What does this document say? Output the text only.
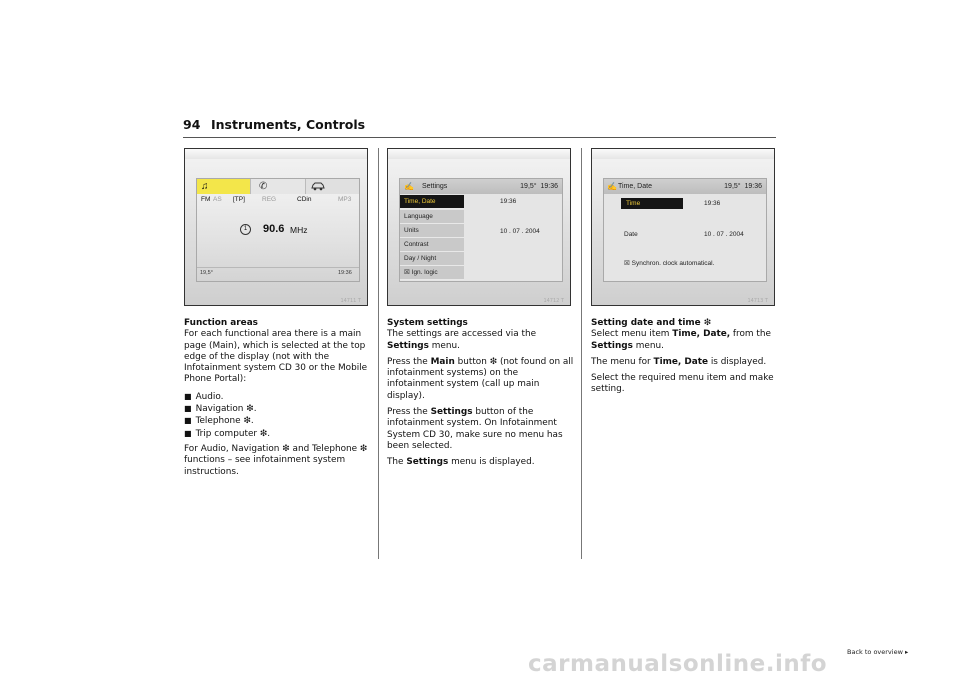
94 Instruments, Controls
♫	✆
FM AS [TP]	REG	CDin	MP3
1	90.6 MHz
19,5°	19:36
14711 T
✍ Settings	19,5°  19:36
Time, Date
Language
Units
Contrast
Day / Night
☒ Ign. logic
19:36
10 . 07 . 2004
14712 T
✍ Time, Date	19,5°  19:36
Time	19:36
Date	10 . 07 . 2004
☒ Synchron. clock automatical.
14713 T

Function areas

For each functional area there is a main page (Main), which is selected at the top edge of the display (not with the Infotainment system CD 30 or the Mobile Phone Portal):

■ Audio.
■ Navigation ❇.
■ Telephone ❇.
■ Trip computer ❇.

For Audio, Navigation ❇ and Telephone ❇ functions – see infotainment system instructions.

System settings

The settings are accessed via the Settings menu.

Press the Main button ❇ (not found on all infotainment systems) on the infotainment system (call up main display).

Press the Settings button of the infotainment system. On Infotainment System CD 30, make sure no menu has been selected.

The Settings menu is displayed.

Setting date and time ❇

Select menu item Time, Date, from the Settings menu.

The menu for Time, Date is displayed.

Select the required menu item and make setting.

carmanualsonline.info	Back to overview ▸
